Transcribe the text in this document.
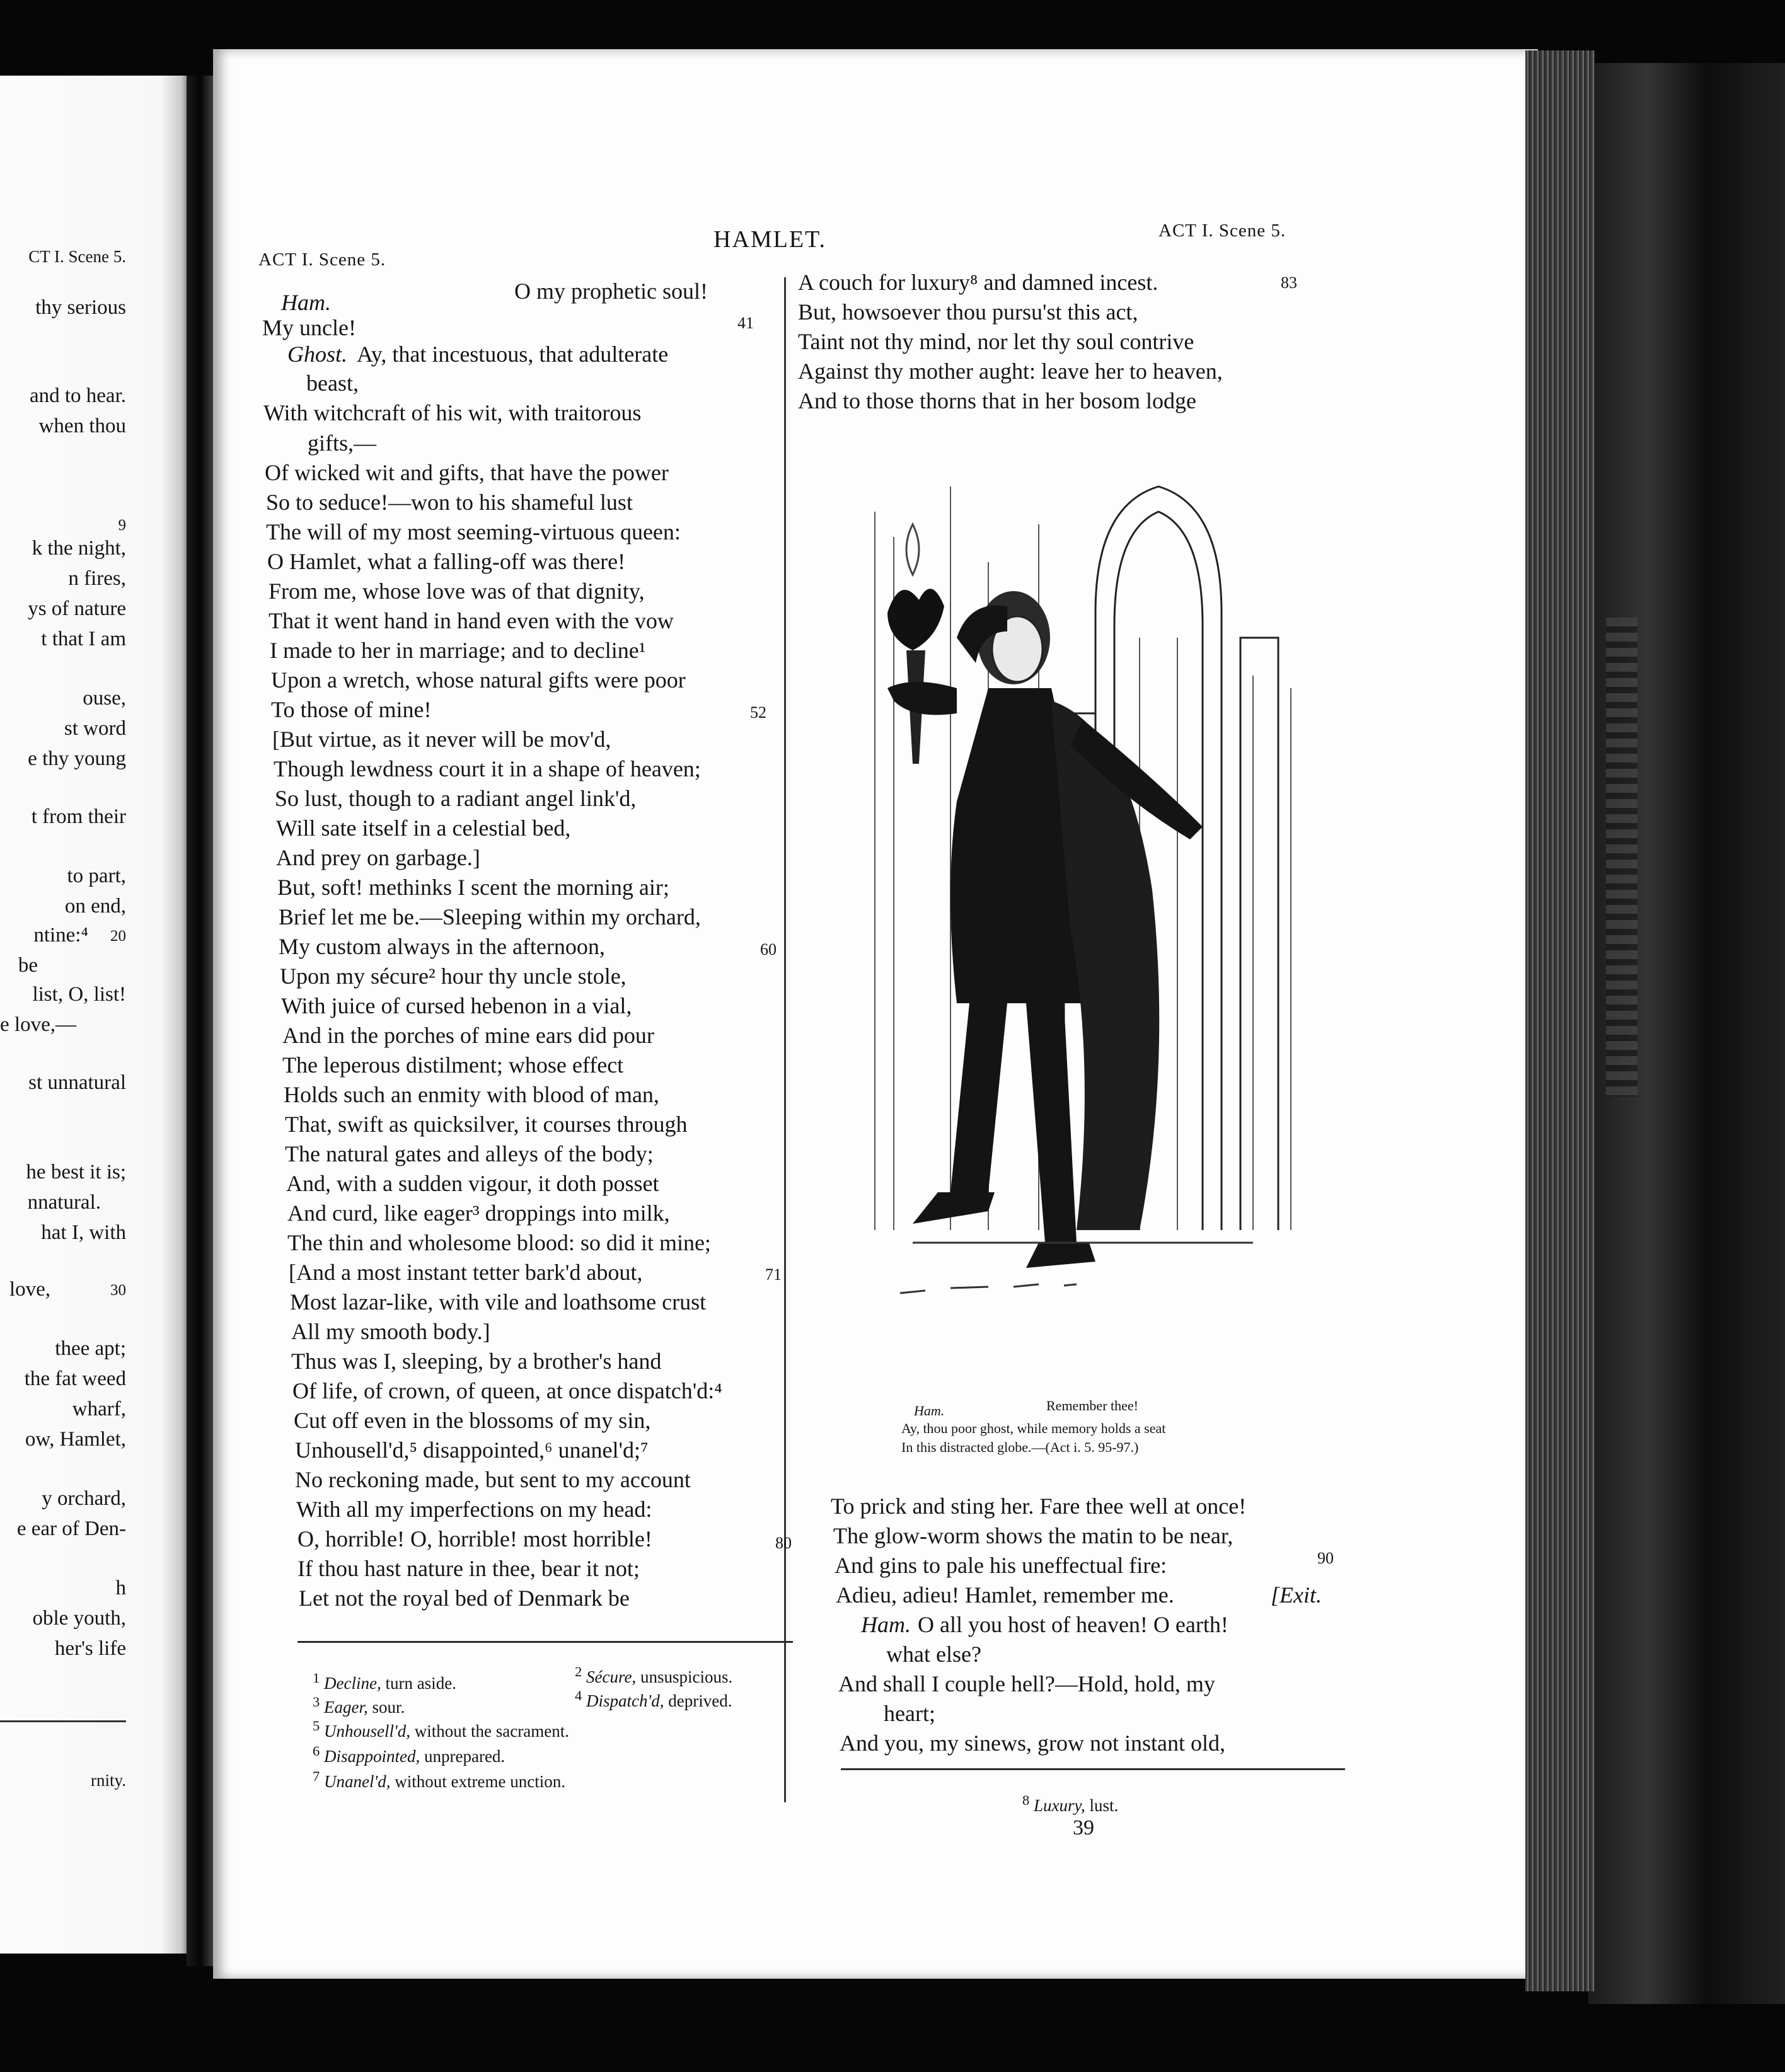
CT I. Scene 5.
thy serious
and to hear.
when thou
9
k the night,
n fires,
ys of nature
t that I am
ouse,
st word
e thy young
t from their
to part,
on end,
ntine:⁴	20
be
list, O, list!
e love,—
st unnatural
he best it is;
nnatural.
hat I, with
love,	30
thee apt;
the fat weed
wharf,
ow, Hamlet,
y orchard,
e ear of Den-
h
oble youth,
her's life
rnity.
ACT I. Scene 5.
HAMLET.	ACT I. Scene 5.
O my prophetic soul!
Ham.
41
My uncle!
Ghost. Ay, that incestuous, that adulterate
beast,
With witchcraft of his wit, with traitorous
gifts,—
Of wicked wit and gifts, that have the power
So to seduce!—won to his shameful lust
The will of my most seeming-virtuous queen:
O Hamlet, what a falling-off was there!
From me, whose love was of that dignity,
That it went hand in hand even with the vow
I made to her in marriage; and to decline¹
Upon a wretch, whose natural gifts were poor
To those of mine!	52
[But virtue, as it never will be mov'd,
Though lewdness court it in a shape of heaven;
So lust, though to a radiant angel link'd,
Will sate itself in a celestial bed,
And prey on garbage.]
But, soft! methinks I scent the morning air;
Brief let me be.—Sleeping within my orchard,
My custom always in the afternoon,	60
Upon my sécure² hour thy uncle stole,
With juice of cursed hebenon in a vial,
And in the porches of mine ears did pour
The leperous distilment; whose effect
Holds such an enmity with blood of man,
That, swift as quicksilver, it courses through
The natural gates and alleys of the body;
And, with a sudden vigour, it doth posset
And curd, like eager³ droppings into milk,
The thin and wholesome blood: so did it mine;
[And a most instant tetter bark'd about,	71
Most lazar-like, with vile and loathsome crust
All my smooth body.]
Thus was I, sleeping, by a brother's hand
Of life, of crown, of queen, at once dispatch'd:⁴
Cut off even in the blossoms of my sin,
Unhousell'd,⁵ disappointed,⁶ unanel'd;⁷
No reckoning made, but sent to my account
With all my imperfections on my head:
O, horrible! O, horrible! most horrible!	80
If thou hast nature in thee, bear it not;
Let not the royal bed of Denmark be
$^1$ Decline, turn aside.
$^2$ Sécure, unsuspicious.
$^3$ Eager, sour.
$^4$ Dispatch'd, deprived.
$^5$ Unhousell'd, without the sacrament.
$^6$ Disappointed, unprepared.
$^7$ Unanel'd, without extreme unction.
A couch for luxury⁸ and damned incest.	83
But, howsoever thou pursu'st this act,
Taint not thy mind, nor let thy soul contrive
Against thy mother aught: leave her to heaven,
And to those thorns that in her bosom lodge
Ham.	Remember thee!
Ay, thou poor ghost, while memory holds a seat
In this distracted globe.—(Act i. 5. 95-97.)
To prick and sting her. Fare thee well at once!
The glow-worm shows the matin to be near,
And gins to pale his uneffectual fire:	90
Adieu, adieu! Hamlet, remember me.	[Exit.
Ham. O all you host of heaven! O earth!
what else?
And shall I couple hell?—Hold, hold, my
heart;
And you, my sinews, grow not instant old,
$^8$ Luxury, lust.
39
